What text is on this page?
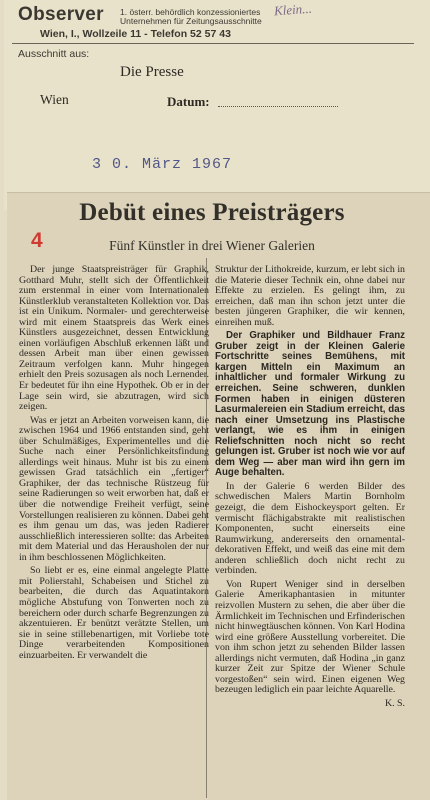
Observer 1. österr. behördlich konzessioniertes
Unternehmen für Zeitungsausschnitte
Wien, I., Wollzeile 11 - Telefon 52 57 43
Klein...
Ausschnitt aus:
Die Presse
Wien	Datum:
3 0. März 1967
Debüt eines Preisträgers
4	Fünf Künstler in drei Wiener Galerien

Der junge Staatspreisträger für Graphik, Gotthard Muhr, stellt sich der Öffentlichkeit zum erstenmal in einer vom Internationalen Künstlerklub veranstalteten Kollektion vor. Das ist ein Unikum. Normaler- und gerechterweise wird mit einem Staatspreis das Werk eines Künstlers ausgezeichnet, dessen Entwicklung einen vorläufigen Abschluß erkennen läßt und dessen Arbeit man über einen gewissen Zeitraum verfolgen kann. Muhr hingegen erhielt den Preis sozusagen als noch Lernender. Er bedeutet für ihn eine Hypothek. Ob er in der Lage sein wird, sie abzutragen, wird sich zeigen.

Was er jetzt an Arbeiten vorweisen kann, die zwischen 1964 und 1966 entstanden sind, geht über Schulmäßiges, Experimentelles und die Suche nach einer Persönlichkeitsfindung allerdings weit hinaus. Muhr ist bis zu einem gewissen Grad tatsächlich ein „fertiger“ Graphiker, der das technische Rüstzeug für seine Radierungen so weit erworben hat, daß er über die notwendige Freiheit verfügt, seine Vorstellungen realisieren zu können. Dabei geht es ihm genau um das, was jeden Radierer ausschließlich interessieren sollte: das Arbeiten mit dem Material und das Herausholen der nur in ihm beschlossenen Möglichkeiten.

So liebt er es, eine einmal angelegte Platte mit Polierstahl, Schabeisen und Stichel zu bearbeiten, die durch das Aquatintakorn mögliche Abstufung von Tonwerten noch zu bereichern oder durch scharfe Begrenzungen zu akzentuieren. Er benützt verätzte Stellen, um sie in seine stillebenartigen, mit Vorliebe tote Dinge verarbeitenden Kompositionen einzuarbeiten. Er verwandelt die

Struktur der Lithokreide, kurzum, er lebt sich in die Materie dieser Technik ein, ohne dabei nur Effekte zu erzielen. Es gelingt ihm, zu erreichen, daß man ihn schon jetzt unter die besten jüngeren Graphiker, die wir kennen, einreihen muß.

Der Graphiker und Bildhauer Franz Gruber zeigt in der Kleinen Galerie Fortschritte seines Bemühens, mit kargen Mitteln ein Maximum an inhaltlicher und formaler Wirkung zu erreichen. Seine schweren, dunklen Formen haben in einigen düsteren Lasurmalereien ein Stadium erreicht, das nach einer Umsetzung ins Plastische verlangt, wie es ihm in einigen Reliefschnitten noch nicht so recht gelungen ist. Gruber ist noch wie vor auf dem Weg — aber man wird ihn gern im Auge behalten.

In der Galerie 6 werden Bilder des schwedischen Malers Martin Bornholm gezeigt, die dem Eishockeysport gelten. Er vermischt flächigabstrakte mit realistischen Komponenten, sucht einerseits eine Raumwirkung, andererseits den ornamental-dekorativen Effekt, und weiß das eine mit dem anderen schließlich doch nicht recht zu verbinden.

Von Rupert Weniger sind in derselben Galerie Amerikaphantasien in mitunter reizvollen Mustern zu sehen, die aber über die Ärmlichkeit im Technischen und Erfinderischen nicht hinwegtäuschen können. Von Karl Hodina wird eine größere Ausstellung vorbereitet. Die von ihm schon jetzt zu sehenden Bilder lassen allerdings nicht vermuten, daß Hodina „in ganz kurzer Zeit zur Spitze der Wiener Schule vorgestoßen“ sein wird. Einen eigenen Weg bezeugen lediglich ein paar leichte Aquarelle.

K. S.
